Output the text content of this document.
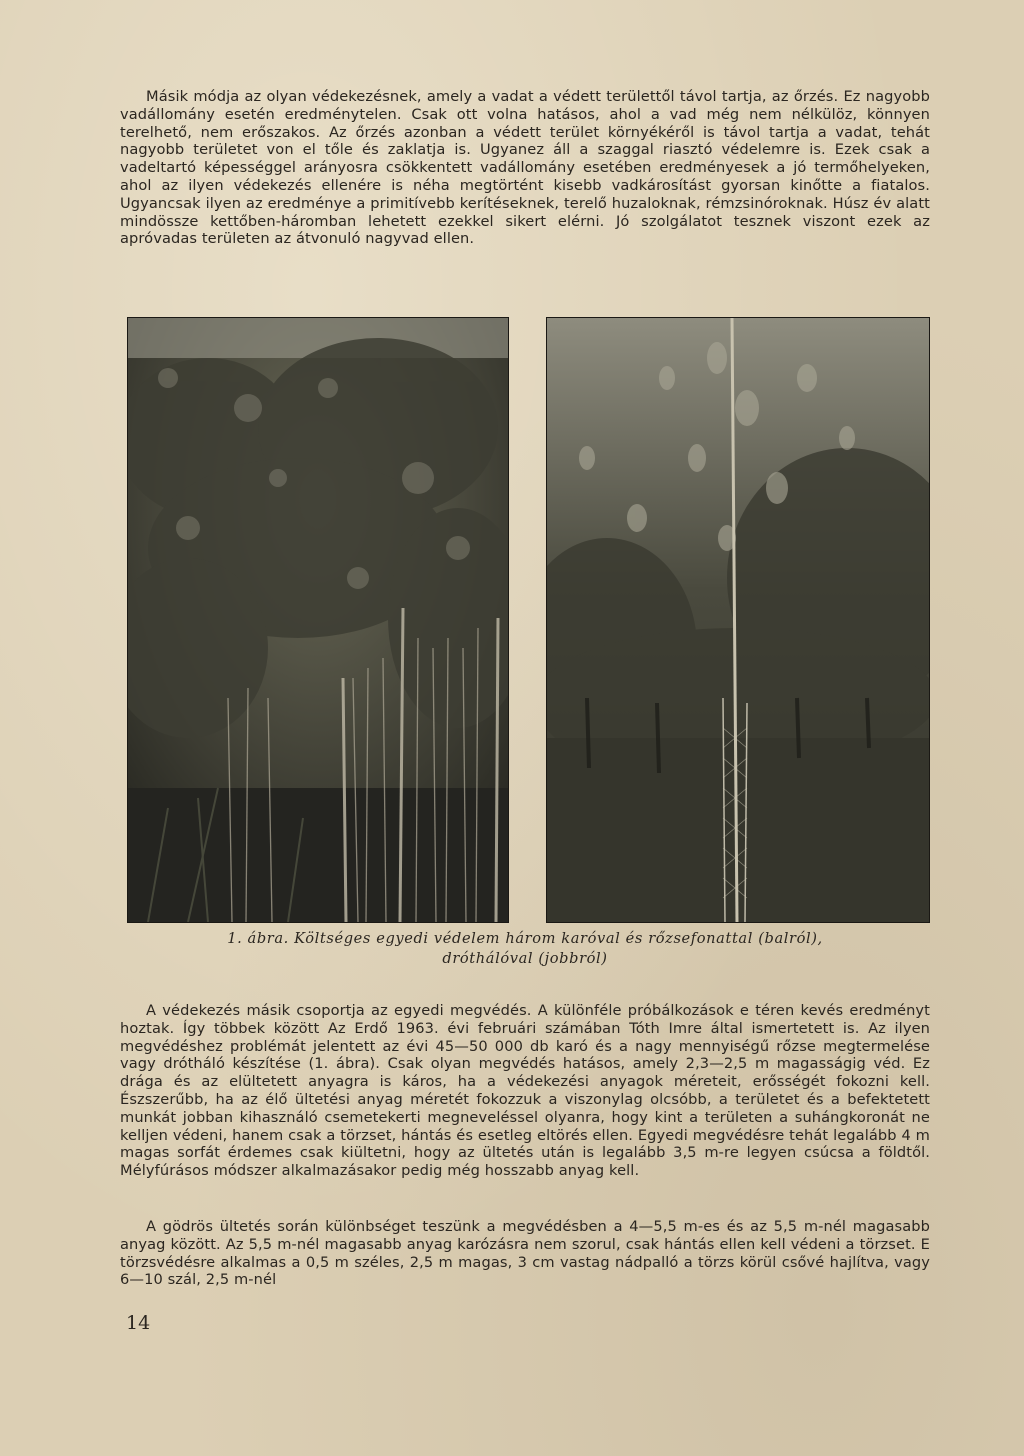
Másik módja az olyan védekezésnek, amely a vadat a védett területtől távol tartja, az őrzés. Ez nagyobb vadállomány esetén eredménytelen. Csak ott volna hatásos, ahol a vad még nem nélkülöz, könnyen terelhető, nem erőszakos. Az őrzés azonban a védett terület környékéről is távol tartja a vadat, tehát nagyobb területet von el tőle és zaklatja is. Ugyanez áll a szaggal riasztó védelemre is. Ezek csak a vadeltartó képességgel arányosra csökkentett vadállomány esetében eredményesek a jó termőhelyeken, ahol az ilyen védekezés ellenére is néha megtörtént kisebb vadkárosítást gyorsan kinőtte a fiatalos. Ugyancsak ilyen az eredménye a primitívebb kerítéseknek, terelő huzaloknak, rémzsinóroknak. Húsz év alatt mindössze kettőben-háromban lehetett ezekkel sikert elérni. Jó szolgálatot tesznek viszont ezek az apróvadas területen az átvonuló nagyvad ellen.

1. ábra. Költséges egyedi védelem három karóval és rőzsefonattal (balról),
dróthálóval (jobbról)

A védekezés másik csoportja az egyedi megvédés. A különféle próbálkozások e téren kevés eredményt hoztak. Így többek között Az Erdő 1963. évi februári számában Tóth Imre által ismertetett is. Az ilyen megvédéshez problémát jelentett az évi 45—50 000 db karó és a nagy mennyiségű rőzse megtermelése vagy drótháló készítése (1. ábra). Csak olyan megvédés hatásos, amely 2,3—2,5 m magasságig véd. Ez drága és az elültetett anyagra is káros, ha a védekezési anyagok méreteit, erősségét fokozni kell. Észszerűbb, ha az élő ültetési anyag méretét fokozzuk a viszonylag olcsóbb, a területet és a befektetett munkát jobban kihasználó csemetekerti megneveléssel olyanra, hogy kint a területen a suhángkoronát ne kelljen védeni, hanem csak a törzset, hántás és esetleg eltörés ellen. Egyedi megvédésre tehát legalább 4 m magas sorfát érdemes csak kiültetni, hogy az ültetés után is legalább 3,5 m-re legyen csúcsa a földtől. Mélyfúrásos módszer alkalmazásakor pedig még hosszabb anyag kell.

A gödrös ültetés során különbséget teszünk a megvédésben a 4—5,5 m-es és az 5,5 m-nél magasabb anyag között. Az 5,5 m-nél magasabb anyag karózásra nem szorul, csak hántás ellen kell védeni a törzset. E törzsvédésre alkalmas a 0,5 m széles, 2,5 m magas, 3 cm vastag nádpalló a törzs körül csővé hajlítva, vagy 6—10 szál, 2,5 m-nél

14
